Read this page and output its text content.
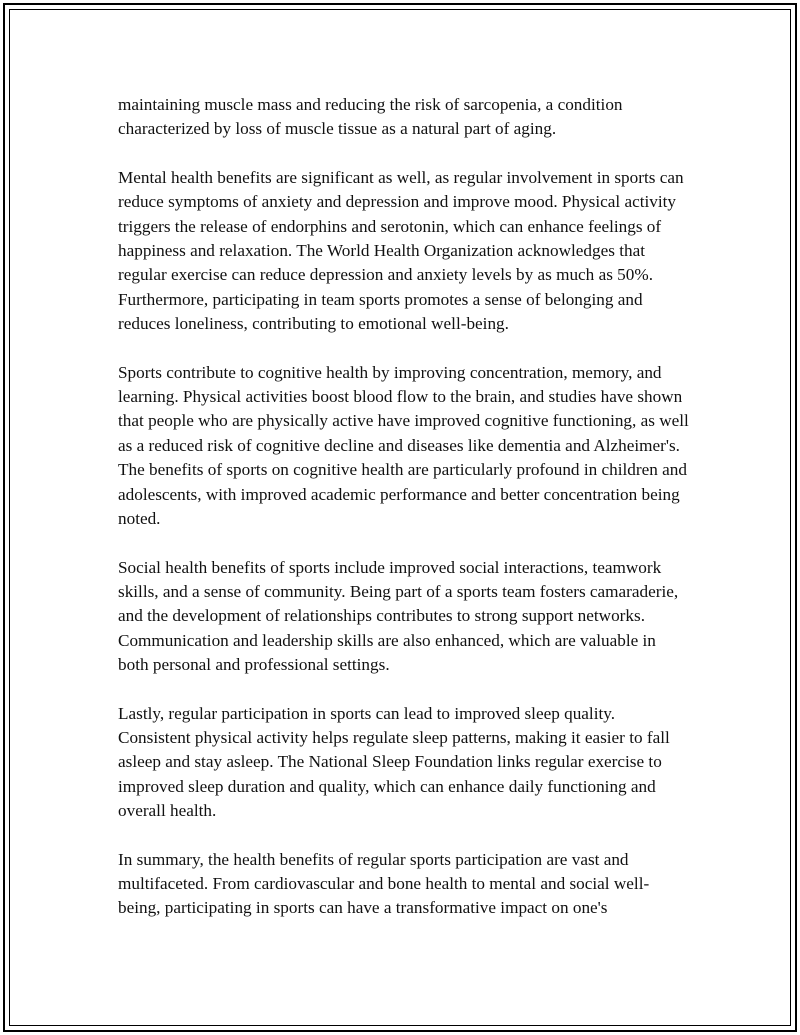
maintaining muscle mass and reducing the risk of sarcopenia, a condition characterized by loss of muscle tissue as a natural part of aging.

Mental health benefits are significant as well, as regular involvement in sports can reduce symptoms of anxiety and depression and improve mood. Physical activity triggers the release of endorphins and serotonin, which can enhance feelings of happiness and relaxation. The World Health Organization acknowledges that regular exercise can reduce depression and anxiety levels by as much as 50%. Furthermore, participating in team sports promotes a sense of belonging and reduces loneliness, contributing to emotional well-being.

Sports contribute to cognitive health by improving concentration, memory, and learning. Physical activities boost blood flow to the brain, and studies have shown that people who are physically active have improved cognitive functioning, as well as a reduced risk of cognitive decline and diseases like dementia and Alzheimer's. The benefits of sports on cognitive health are particularly profound in children and adolescents, with improved academic performance and better concentration being noted.

Social health benefits of sports include improved social interactions, teamwork skills, and a sense of community. Being part of a sports team fosters camaraderie, and the development of relationships contributes to strong support networks. Communication and leadership skills are also enhanced, which are valuable in both personal and professional settings.

Lastly, regular participation in sports can lead to improved sleep quality. Consistent physical activity helps regulate sleep patterns, making it easier to fall asleep and stay asleep. The National Sleep Foundation links regular exercise to improved sleep duration and quality, which can enhance daily functioning and overall health.

In summary, the health benefits of regular sports participation are vast and multifaceted. From cardiovascular and bone health to mental and social well-being, participating in sports can have a transformative impact on one's
